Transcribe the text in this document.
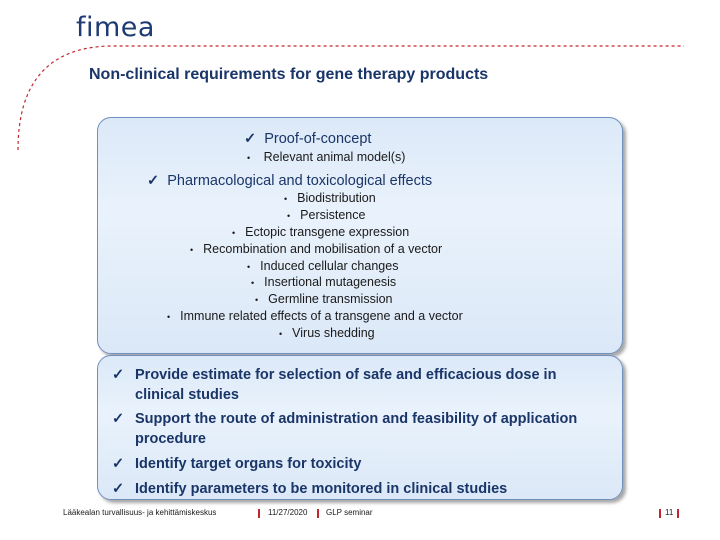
fimea
Non-clinical requirements for gene therapy products
✓ Proof-of-concept
• Relevant animal model(s)
✓ Pharmacological and toxicological effects
• Biodistribution
• Persistence
• Ectopic transgene expression
• Recombination and mobilisation of a vector
• Induced cellular changes
• Insertional mutagenesis
• Germline transmission
• Immune related effects of a transgene and a vector
• Virus shedding
✓ Provide estimate for selection of safe and efficacious dose in clinical studies
✓ Support the route of administration and feasibility of application procedure
✓ Identify target organs for toxicity
✓ Identify parameters to be monitored in clinical studies
Lääkealan turvallisuus- ja kehittämiskeskus	11/27/2020 GLP seminar	11
